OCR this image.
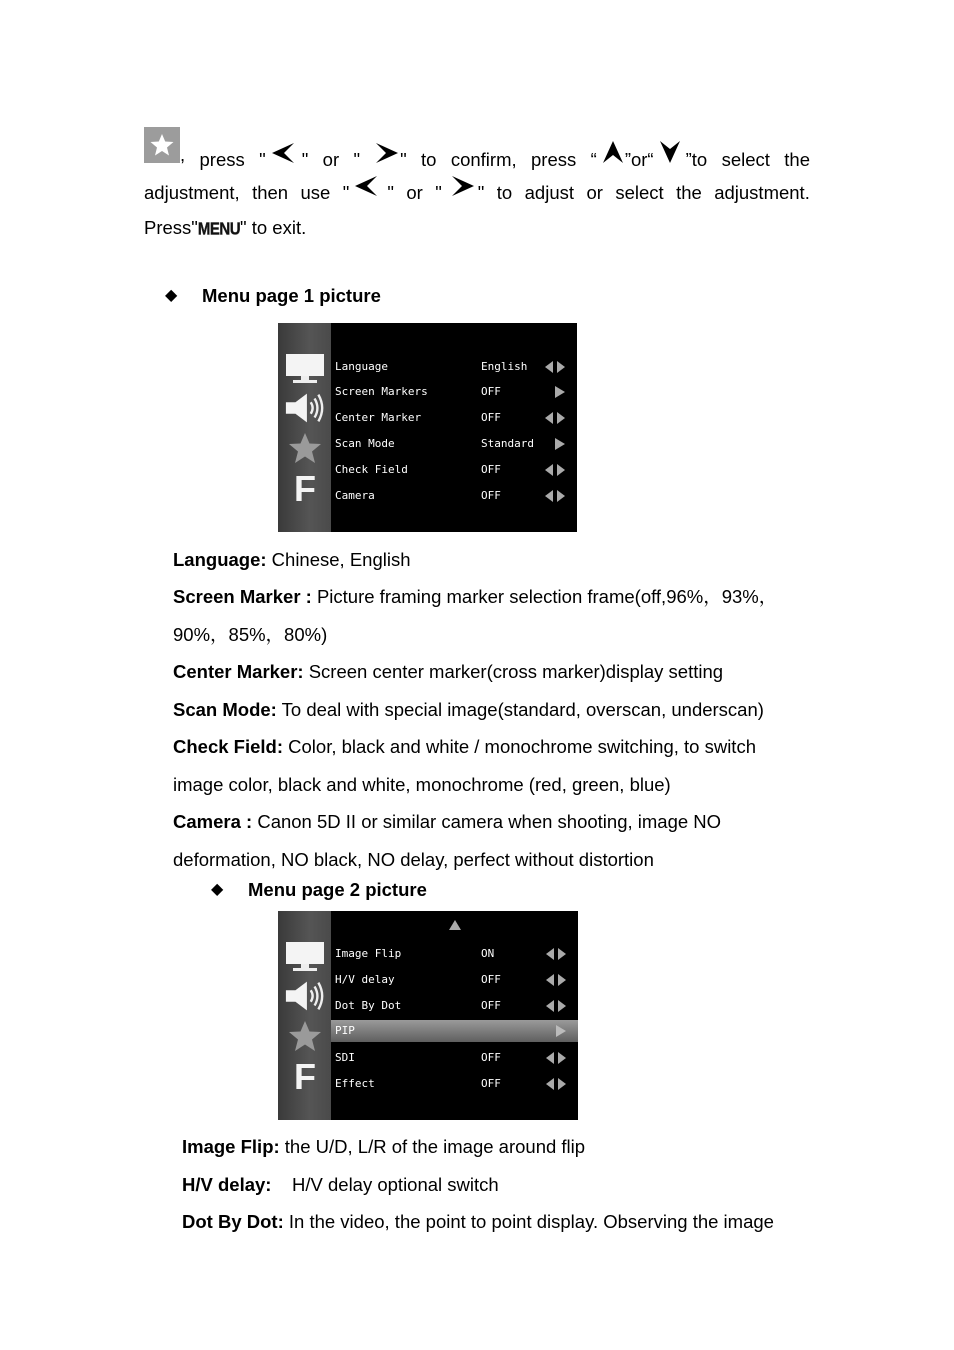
, press " " or " " to confirm, press “ ”or“ ”to select the
adjustment, then use " " or " " to adjust or select the adjustment.
Press"MENU" to exit.
◆ Menu page 1 picture
F
Language	English
Screen Markers	OFF
Center Marker	OFF
Scan Mode	Standard
Check Field	OFF
Camera	OFF
Language: Chinese, English
Screen Marker : Picture framing marker selection frame(off,96%，93%，
90%，85%，80%)
Center Marker: Screen center marker(cross marker)display setting
Scan Mode: To deal with special image(standard, overscan, underscan)
Check Field: Color, black and white / monochrome switching, to switch
image color, black and white, monochrome (red, green, blue)
Camera : Canon 5D II or similar camera when shooting, image NO
deformation, NO black, NO delay, perfect without distortion
◆ Menu page 2 picture
F
Image Flip	ON
H/V delay	OFF
Dot By Dot	OFF
PIP
SDI	OFF
Effect	OFF
Image Flip: the U/D, L/R of the image around flip
H/V delay:    H/V delay optional switch
Dot By Dot: In the video, the point to point display. Observing the image
